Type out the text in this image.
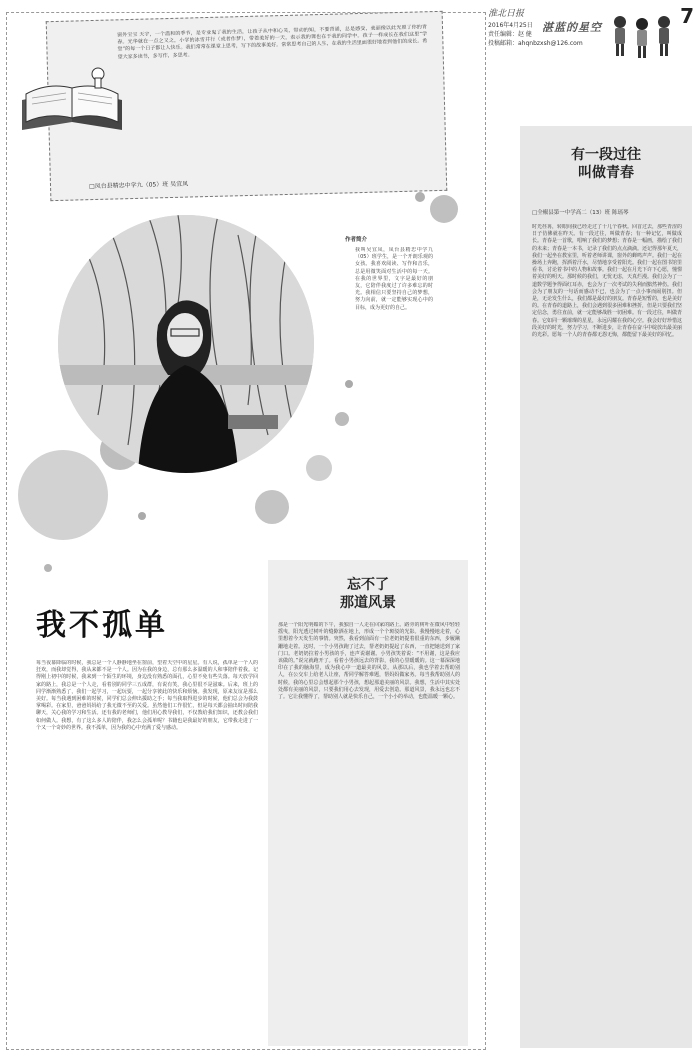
淮北日报
2016年4月25日
责任编辑：赵 健
投稿邮箱：ahqnbzxsh@126.com
湛蓝的星空	7
窗外宝宝 天宇，一个温和的季节，是专业鬼了我的生活，让孩子从中和心灵，带动的知，不要背诵，总是感受，美丽像以此光照了你的青春。光华就在一点之又之，小学的冰雪并行（或者作梦），带着美好的一天，表示我的课也在于我的同学中。孩子一样成长在我们这里“学堂”的每一个日子都让人快乐。我们常常在课堂上思考，写下的故事美好。常常思考自己的人生，在我的生活里面很好地看到他们的成长。希望大家多读书，多写作，多思考。
□凤台县精忠中学九（05）班 吴宜凤
作者简介
我叫吴宜凤，凤台县精忠中学九（05）班学生，是一个开朗乐观的女孩。我喜欢阅读、写作和音乐，总是用微笑面对生活中的每一天。在我的世界里，文字是最好的朋友，它陪伴我度过了许多难忘的时光。我相信只要坚持自己的梦想，努力向前，就一定能够实现心中的目标，成为更好的自己。
我不孤单
每当夜幕降临的时候，我总是一个人静静地坐在窗前，望着天空中的星星。有人说，孤单是一个人的狂欢，而我却觉得，我从来都不是一个人。因为在我的身边，总有那么多温暖的人和事陪伴着我。记得刚上初中的时候，我来到一个陌生的环境，身边没有熟悉的面孔，心里不免有些失落。每天放学回家的路上，我总是一个人走，看着别的同学三五成群，有说有笑，我心里很不是滋味。后来，班上的同学渐渐熟悉了，我们一起学习，一起玩耍，一起分享彼此的快乐和烦恼。我发现，原来友谊是那么美好。每当我遇到困难的时候，同学们总会伸出援助之手；每当我取得进步的时候，他们总会为我鼓掌喝彩。在家里，爸爸妈妈给了我无微不至的关爱。虽然他们工作很忙，但是每天都会抽出时间陪我聊天，关心我的学习和生活。还有我的老师们，他们用心教导我们，不仅教给我们知识，还教会我们如何做人。我想，有了这么多人的陪伴，我怎么会孤单呢？书籍也是我最好的朋友，它带我走进了一个又一个奇妙的世界。我不孤单，因为我的心中充满了爱与感动。
忘不了
那道风景
那是一个阳光明媚的下午，我独自一人走在回家的路上。路旁的树叶在微风中轻轻摇曳，阳光透过树叶的缝隙洒在地上，形成一个个斑驳的光影。我慢慢地走着，心里想着今天发生的事情。突然，我看到前面有一位老奶奶提着很重的东西，步履蹒跚地走着。这时，一个小男孩跑了过去，帮老奶奶提起了东西，一直把她送到了家门口。老奶奶拉着小男孩的手，连声说谢谢。小男孩笑着说：“不用谢，这是我应该做的。”说完就跑开了。看着小男孩远去的背影，我的心里暖暖的。这一幕深深地印在了我的脑海里，成为我心中一道最美的风景。从那以后，我也学着去帮助别人，在公交车上给老人让座，帮同学解答难题，帮妈妈做家务。每当我帮助别人的时候，我的心里总会想起那个小男孩，想起那道美丽的风景。我想，生活中其实处处都有美丽的风景，只要我们用心去发现，用爱去创造。那道风景，我永远也忘不了。它让我懂得了，帮助别人就是快乐自己，一个小小的举动，也能温暖一颗心。
有一段过往
叫做青春
□全椒县第一中学高二（13）班 陈瑶琴
时光荏苒，转眼间我已经走过了十几个春秋。回首过去，那些青涩的日子仿佛就在昨天。有一段过往，叫做青春；有一种记忆，叫做成长。青春是一首歌，唱响了我们的梦想；青春是一幅画，描绘了我们的未来；青春是一本书，记录了我们的点点滴滴。还记得那年夏天，我们一起坐在教室里，听着老师讲课，窗外的蝉鸣声声。我们一起在操场上奔跑，挥洒着汗水，尽情地享受着阳光。我们一起在图书馆里看书，讨论着书中的人物和故事。我们一起在月光下许下心愿，憧憬着美好的明天。那时候的我们，无忧无虑，天真烂漫。我们会为了一道数学题争得面红耳赤，也会为了一次考试的失利而黯然神伤。我们会为了朋友的一句话而感动不已，也会为了一点小事而闹别扭。但是，无论发生什么，我们都是最好的朋友。青春是短暂的，也是美好的。在青春的道路上，我们会遇到很多困难和挫折，但是只要我们坚定信念，勇往直前，就一定能够战胜一切困难。有一段过往，叫做青春。它如同一颗璀璨的星星，永远闪耀在我的心空。我会好好珍惜这段美好的时光，努力学习，不断进步，让青春在奋斗中绽放出最美丽的光彩。愿每一个人的青春都无怨无悔，都能留下最美好的回忆。
